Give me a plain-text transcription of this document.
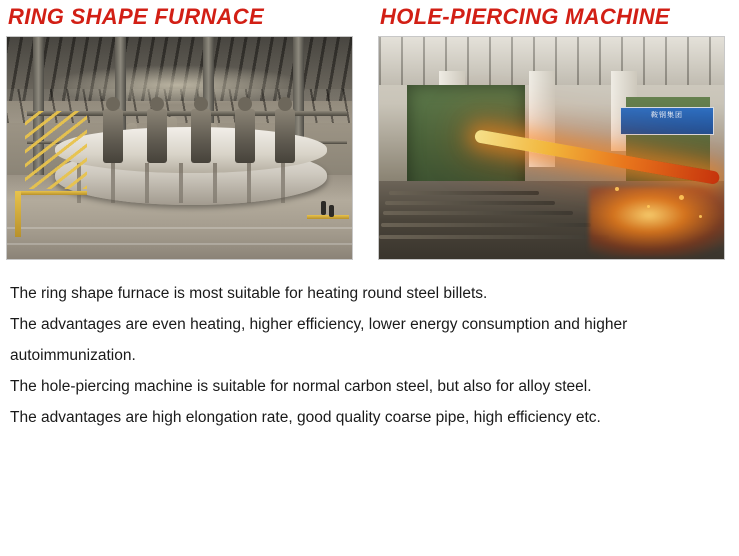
RING SHAPE FURNACE	HOLE-PIERCING MACHINE
鞍钢集团

The ring shape furnace is most suitable for heating round steel billets.

The advantages are even heating, higher efficiency, lower energy consumption and higher autoimmunization.

The hole-piercing machine is suitable for normal carbon steel, but also for alloy steel.

The advantages are high elongation rate, good quality coarse pipe, high efficiency etc.
